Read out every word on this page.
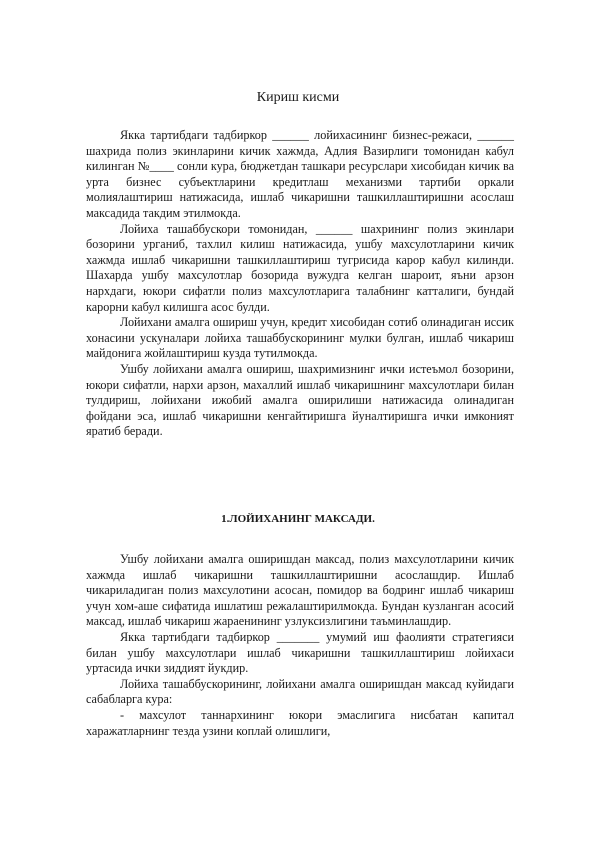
Кириш кисми

Якка тартибдаги тадбиркор ______ лойихасининг бизнес-режаси, ______ шахрида полиз экинларини кичик хажмда, Адлия Вазирлиги томонидан кабул килинган №____ сонли кура, бюджетдан ташкари ресурслари хисобидан кичик ва урта бизнес субъектларини кредитлаш механизми тартиби оркали молиялаштириш натижасида, ишлаб чикаришни ташкиллаштиришни асослаш максадида такдим этилмокда.

Лойиха ташаббускори томонидан, ______ шахрининг полиз экинлари бозорини урганиб, тахлил килиш натижасида, ушбу махсулотларини кичик хажмда ишлаб чикаришни ташкиллаштириш тугрисида карор кабул килинди. Шахарда ушбу махсулотлар бозорида вужудга келган шароит, яъни арзон нархдаги, юкори сифатли полиз махсулотларига талабнинг катталиги, бундай карорни кабул килишга асос булди.

Лойихани амалга ошириш учун, кредит хисобидан сотиб олинадиган иссик хонасини ускуналари лойиха ташаббускорининг мулки булган, ишлаб чикариш майдонига жойлаштириш кузда тутилмокда.

Ушбу лойихани амалга ошириш, шахримизнинг ички истеъмол бозорини, юкори сифатли, нархи арзон, махаллий ишлаб чикаришнинг махсулотлари билан тулдириш, лойихани ижобий амалга оширилиши натижасида олинадиган фойдани эса, ишлаб чикаришни кенгайтиришга йуналтиришга ички имконият яратиб беради.

1.ЛОЙИХАНИНГ МАКСАДИ.

Ушбу лойихани амалга оширишдан максад, полиз махсулотларини кичик хажмда ишлаб чикаришни ташкиллаштиришни асослашдир. Ишлаб чикариладиган полиз махсулотини асосан, помидор ва бодринг ишлаб чикариш учун хом-аше сифатида ишлатиш режалаштирилмокда. Бундан кузланган асосий максад, ишлаб чикариш жараенининг узлуксизлигини таъминлашдир.

Якка тартибдаги тадбиркор _______ умумий иш фаолияти стратегияси билан ушбу махсулотлари ишлаб чикаришни ташкиллаштириш лойихаси уртасида ички зиддият йукдир.

Лойиха ташаббускорининг, лойихани амалга оширишдан максад куйидаги сабабларга кура:

- махсулот таннархининг юкори эмаслигига нисбатан капитал харажатларнинг тезда узини коплай олишлиги,
